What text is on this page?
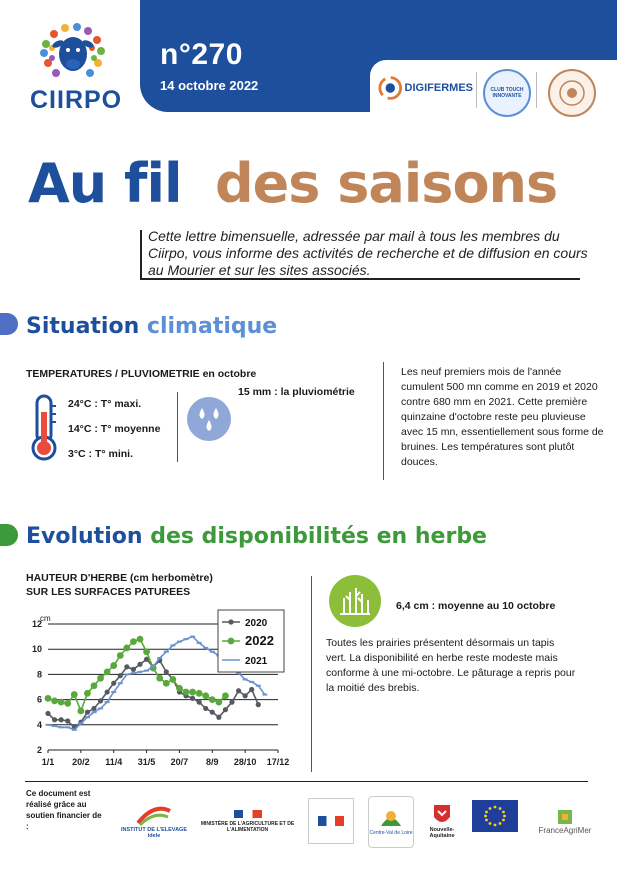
CIIRPO
n°270
14 octobre 2022	DIGIFERMES	CLUB TOUCH INNOVANTE
Au fil des saisons
Cette lettre bimensuelle, adressée par mail à tous les membres du Ciirpo, vous informe des activités de recherche et de diffusion en cours au Mourier et sur les sites associés.
Situation climatique
TEMPERATURES / PLUVIOMETRIE en octobre
24°C : T° maxi.
14°C : T° moyenne
3°C : T° mini.
15 mm : la pluviométrie
Les neuf premiers mois de l'année cumulent 500 mn comme en 2019 et 2020 contre 680 mm en 2021. Cette première quinzaine d'octobre reste peu pluvieuse avec 15 mn, essentiellement sous forme de bruines. Les températures sont plutôt douces.
Evolution des disponibilités en herbe
HAUTEUR D'HERBE (cm herbomètre)
SUR LES SURFACES PATUREES
2
4
6
8
10
12
cm
1/1 20/2 11/4 31/5 20/7 8/9 28/10 17/12
2020
2022
2021
6,4 cm : moyenne au 10 octobre
Toutes les prairies présentent désormais un tapis vert. La disponibilité en herbe reste modeste mais conforme à une mi-octobre. Le pâturage a repris pour la moitié des brebis.
Ce document est réalisé grâce au soutien financier de :	INSTITUT DE L'ELEVAGE idele
MINISTÈRE DE L'AGRICULTURE ET DE L'ALIMENTATION
Centre-Val de Loire	Nouvelle-Aquitaine
FranceAgriMer
